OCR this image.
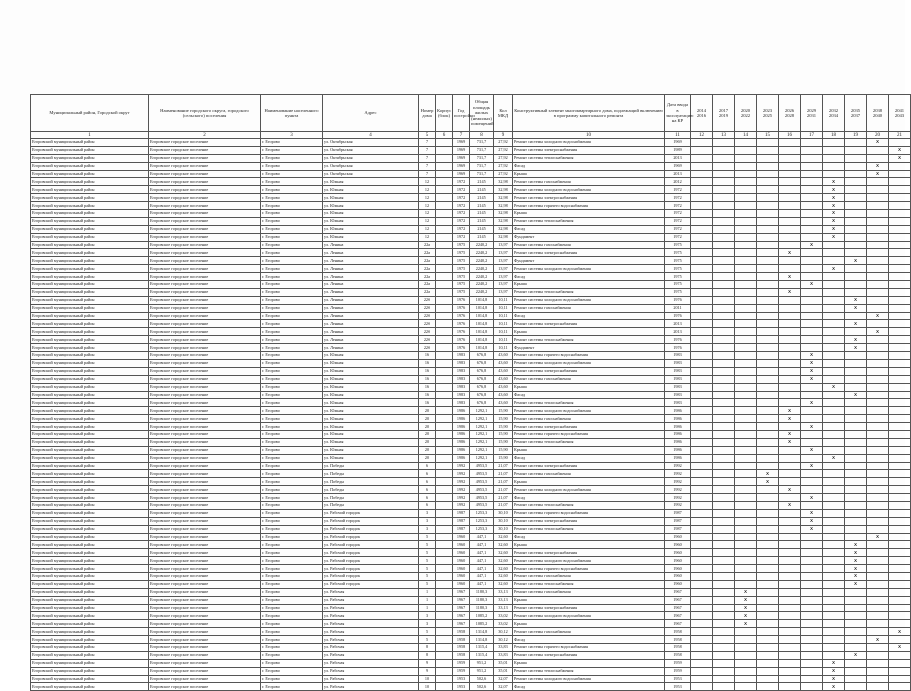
Муниципальный район, Городской округ	Наименование городского округа, городского (сельского) поселения	Наименование населенного пункта	Адрес	Номер дома	Корпус (блок)	Год постройки	Общая площадь жилых (нежилых) помещений	Кол МКД	Конструктивный элемент многоквартирного дома, подлежащий включению в программу капитального ремонта	Дата ввода в эксплуатацию на КР	2014 2016	2017 2019	2020 2022	2023 2025	2026 2028	2029 2031	2032 2034	2035 2037	2038 2040	2041 2043
1	2	3	4	5	6	7	8	9	10	11	12	13	14	15	16	17	18	19	20	21
Егоровский муниципальный район	Егоровское городское поселение	г. Егорово	ул. Октябрьская	7		1969	731,7	27,92	Ремонт системы холодного водоснабжения	1969									X	
Егоровский муниципальный район	Егоровское городское поселение	г. Егорово	ул. Октябрьская	7		1969	731,7	27,92	Ремонт системы электроснабжения	1989										X
Егоровский муниципальный район	Егоровское городское поселение	г. Егорово	ул. Октябрьская	7		1969	731,7	27,92	Ремонт системы теплоснабжения	2013										X
Егоровский муниципальный район	Егоровское городское поселение	г. Егорово	ул. Октябрьская	7		1969	731,7	27,92	Фасад	1969									X	
Егоровский муниципальный район	Егоровское городское поселение	г. Егорово	ул. Октябрьская	7		1969	731,7	27,92	Крыша	2013									X	
Егоровский муниципальный район	Егоровское городское поселение	г. Егорово	ул. Южная	12		1972	2145	32,98	Ремонт системы газоснабжения	2012							X			
Егоровский муниципальный район	Егоровское городское поселение	г. Егорово	ул. Южная	12		1972	2145	32,98	Ремонт системы холодного водоснабжения	1972							X			
Егоровский муниципальный район	Егоровское городское поселение	г. Егорово	ул. Южная	12		1972	2145	32,98	Ремонт системы электроснабжения	1972							X			
Егоровский муниципальный район	Егоровское городское поселение	г. Егорово	ул. Южная	12		1972	2145	32,98	Ремонт системы горячего водоснабжения	1972							X			
Егоровский муниципальный район	Егоровское городское поселение	г. Егорово	ул. Южная	12		1972	2145	32,98	Крыша	1972							X			
Егоровский муниципальный район	Егоровское городское поселение	г. Егорово	ул. Южная	12		1972	2145	32,98	Ремонт системы теплоснабжения	1972							X			
Егоровский муниципальный район	Егоровское городское поселение	г. Егорово	ул. Южная	12		1972	2145	32,98	Фасад	1972							X			
Егоровский муниципальный район	Егоровское городское поселение	г. Егорово	ул. Южная	12		1972	2145	32,98	Фундамент	1972							X			
Егоровский муниципальный район	Егоровское городское поселение	г. Егорово	ул. Ленина	22а		1975	2240,2	13,97	Ремонт системы газоснабжения	1975						X				
Егоровский муниципальный район	Егоровское городское поселение	г. Егорово	ул. Ленина	22а		1975	2240,2	13,97	Ремонт системы электроснабжения	1975					X					
Егоровский муниципальный район	Егоровское городское поселение	г. Егорово	ул. Ленина	22а		1975	2240,2	13,97	Фундамент	1975								X		
Егоровский муниципальный район	Егоровское городское поселение	г. Егорово	ул. Ленина	22а		1975	2240,2	13,97	Ремонт системы холодного водоснабжения	1975							X			
Егоровский муниципальный район	Егоровское городское поселение	г. Егорово	ул. Ленина	22а		1975	2240,2	13,97	Фасад	1975					X					
Егоровский муниципальный район	Егоровское городское поселение	г. Егорово	ул. Ленина	22а		1975	2240,2	13,97	Крыша	1975						X				
Егоровский муниципальный район	Егоровское городское поселение	г. Егорово	ул. Ленина	22а		1975	2240,2	13,97	Ремонт системы теплоснабжения	1975					X					
Егоровский муниципальный район	Егоровское городское поселение	г. Егорово	ул. Ленина	22б		1976	1014,8	10,11	Ремонт системы холодного водоснабжения	1976								X		
Егоровский муниципальный район	Егоровское городское поселение	г. Егорово	ул. Ленина	22б		1976	1014,8	10,11	Ремонт системы газоснабжения	2011								X		
Егоровский муниципальный район	Егоровское городское поселение	г. Егорово	ул. Ленина	22б		1976	1014,8	10,11	Фасад	1976									X	
Егоровский муниципальный район	Егоровское городское поселение	г. Егорово	ул. Ленина	22б		1976	1014,8	10,11	Ремонт системы электроснабжения	2013								X		
Егоровский муниципальный район	Егоровское городское поселение	г. Егорово	ул. Ленина	22б		1976	1014,8	10,11	Крыша	2013									X	
Егоровский муниципальный район	Егоровское городское поселение	г. Егорово	ул. Ленина	22б		1976	1014,8	10,11	Ремонт системы теплоснабжения	1976								X		
Егоровский муниципальный район	Егоровское городское поселение	г. Егорово	ул. Ленина	22б		1976	1014,8	10,11	Фундамент	1976								X		
Егоровский муниципальный район	Егоровское городское поселение	г. Егорово	ул. Южная	16		1983	676,8	43,60	Ремонт системы горячего водоснабжения	1983						X				
Егоровский муниципальный район	Егоровское городское поселение	г. Егорово	ул. Южная	16		1983	676,8	43,60	Ремонт системы холодного водоснабжения	1983						X				
Егоровский муниципальный район	Егоровское городское поселение	г. Егорово	ул. Южная	16		1983	676,8	43,60	Ремонт системы электроснабжения	1983						X				
Егоровский муниципальный район	Егоровское городское поселение	г. Егорово	ул. Южная	16		1983	676,8	43,60	Ремонт системы газоснабжения	1983						X				
Егоровский муниципальный район	Егоровское городское поселение	г. Егорово	ул. Южная	16		1983	676,8	43,60	Крыша	1983							X			
Егоровский муниципальный район	Егоровское городское поселение	г. Егорово	ул. Южная	16		1983	676,8	43,60	Фасад	1983								X		
Егоровский муниципальный район	Егоровское городское поселение	г. Егорово	ул. Южная	16		1983	676,8	43,60	Ремонт системы теплоснабжения	1983						X				
Егоровский муниципальный район	Егоровское городское поселение	г. Егорово	ул. Южная	20		1986	1292,1	15,90	Ремонт системы холодного водоснабжения	1986					X					
Егоровский муниципальный район	Егоровское городское поселение	г. Егорово	ул. Южная	20		1986	1292,1	15,90	Ремонт системы газоснабжения	1986					X					
Егоровский муниципальный район	Егоровское городское поселение	г. Егорово	ул. Южная	20		1986	1292,1	15,90	Ремонт системы электроснабжения	1986						X				
Егоровский муниципальный район	Егоровское городское поселение	г. Егорово	ул. Южная	20		1986	1292,1	15,90	Ремонт системы горячего водоснабжения	1986					X					
Егоровский муниципальный район	Егоровское городское поселение	г. Егорово	ул. Южная	20		1986	1292,1	15,90	Ремонт системы теплоснабжения	1986					X					
Егоровский муниципальный район	Егоровское городское поселение	г. Егорово	ул. Южная	20		1986	1292,1	15,90	Крыша	1986						X				
Егоровский муниципальный район	Егоровское городское поселение	г. Егорово	ул. Южная	20		1986	1292,1	15,90	Фасад	1986							X			
Егоровский муниципальный район	Егоровское городское поселение	г. Егорово	ул. Победы	6		1992	4953,5	21,07	Ремонт системы электроснабжения	1992						X				
Егоровский муниципальный район	Егоровское городское поселение	г. Егорово	ул. Победы	6		1992	4953,5	21,07	Ремонт системы газоснабжения	1992				X						
Егоровский муниципальный район	Егоровское городское поселение	г. Егорово	ул. Победы	6		1992	4953,5	21,07	Крыша	1992				X						
Егоровский муниципальный район	Егоровское городское поселение	г. Егорово	ул. Победы	6		1992	4953,5	21,07	Ремонт системы холодного водоснабжения	1992					X					
Егоровский муниципальный район	Егоровское городское поселение	г. Егорово	ул. Победы	6		1992	4953,5	21,07	Фасад	1992						X				
Егоровский муниципальный район	Егоровское городское поселение	г. Егорово	ул. Победы	6		1992	4953,5	21,07	Ремонт системы теплоснабжения	1992					X					
Егоровский муниципальный район	Егоровское городское поселение	г. Егорово	ул. Рабочий городок	3		1987	1253,3	30,10	Ремонт системы горячего водоснабжения	1987						X				
Егоровский муниципальный район	Егоровское городское поселение	г. Егорово	ул. Рабочий городок	3		1987	1253,3	30,10	Ремонт системы электроснабжения	1987						X				
Егоровский муниципальный район	Егоровское городское поселение	г. Егорово	ул. Рабочий городок	3		1987	1253,3	30,10	Ремонт системы теплоснабжения	1987						X				
Егоровский муниципальный район	Егоровское городское поселение	г. Егорово	ул. Рабочий городок	5		1960	447,1	32,60	Фасад	1960									X	
Егоровский муниципальный район	Егоровское городское поселение	г. Егорово	ул. Рабочий городок	5		1960	447,1	32,60	Крыша	1960								X		
Егоровский муниципальный район	Егоровское городское поселение	г. Егорово	ул. Рабочий городок	5		1960	447,1	32,60	Ремонт системы электроснабжения	1960								X		
Егоровский муниципальный район	Егоровское городское поселение	г. Егорово	ул. Рабочий городок	5		1960	447,1	32,60	Ремонт системы холодного водоснабжения	1960								X		
Егоровский муниципальный район	Егоровское городское поселение	г. Егорово	ул. Рабочий городок	5		1960	447,1	32,60	Ремонт системы горячего водоснабжения	1960								X		
Егоровский муниципальный район	Егоровское городское поселение	г. Егорово	ул. Рабочий городок	5		1960	447,1	32,60	Ремонт системы газоснабжения	1960								X		
Егоровский муниципальный район	Егоровское городское поселение	г. Егорово	ул. Рабочий городок	5		1960	447,1	32,60	Ремонт системы теплоснабжения	1960								X		
Егоровский муниципальный район	Егоровское городское поселение	г. Егорово	ул. Рабочая	1		1967	1180,3	33,13	Ремонт системы газоснабжения	1967			X							
Егоровский муниципальный район	Егоровское городское поселение	г. Егорово	ул. Рабочая	1		1967	1180,3	33,13	Крыша	1967			X							
Егоровский муниципальный район	Егоровское городское поселение	г. Егорово	ул. Рабочая	1		1967	1180,3	33,13	Ремонт системы электроснабжения	1967			X							
Егоровский муниципальный район	Егоровское городское поселение	г. Егорово	ул. Рабочая	3		1967	1085,2	33,02	Ремонт системы холодного водоснабжения	1967			X							
Егоровский муниципальный район	Егоровское городское поселение	г. Егорово	ул. Рабочая	3		1967	1085,2	33,02	Крыша	1967			X							
Егоровский муниципальный район	Егоровское городское поселение	г. Егорово	ул. Рабочая	5		1958	1314,8	30,12	Ремонт системы газоснабжения	1958										X
Егоровский муниципальный район	Егоровское городское поселение	г. Егорово	ул. Рабочая	5		1958	1314,8	30,12	Фасад	1958									X	
Егоровский муниципальный район	Егоровское городское поселение	г. Егорово	ул. Рабочая	8		1958	1315,4	33,83	Ремонт системы горячего водоснабжения	1958										X
Егоровский муниципальный район	Егоровское городское поселение	г. Егорово	ул. Рабочая	8		1958	1315,4	33,83	Ремонт системы электроснабжения	1958								X		
Егоровский муниципальный район	Егоровское городское поселение	г. Егорово	ул. Рабочая	9		1959	951,2	35,01	Крыша	1959							X			
Егоровский муниципальный район	Егоровское городское поселение	г. Егорово	ул. Рабочая	9		1959	951,2	35,01	Ремонт системы теплоснабжения	1959							X			
Егоровский муниципальный район	Егоровское городское поселение	г. Егорово	ул. Рабочая	10		1953	502,6	32,07	Ремонт системы холодного водоснабжения	1953							X			
Егоровский муниципальный район	Егоровское городское поселение	г. Егорово	ул. Рабочая	10		1953	502,6	32,07	Фасад	1953							X			
